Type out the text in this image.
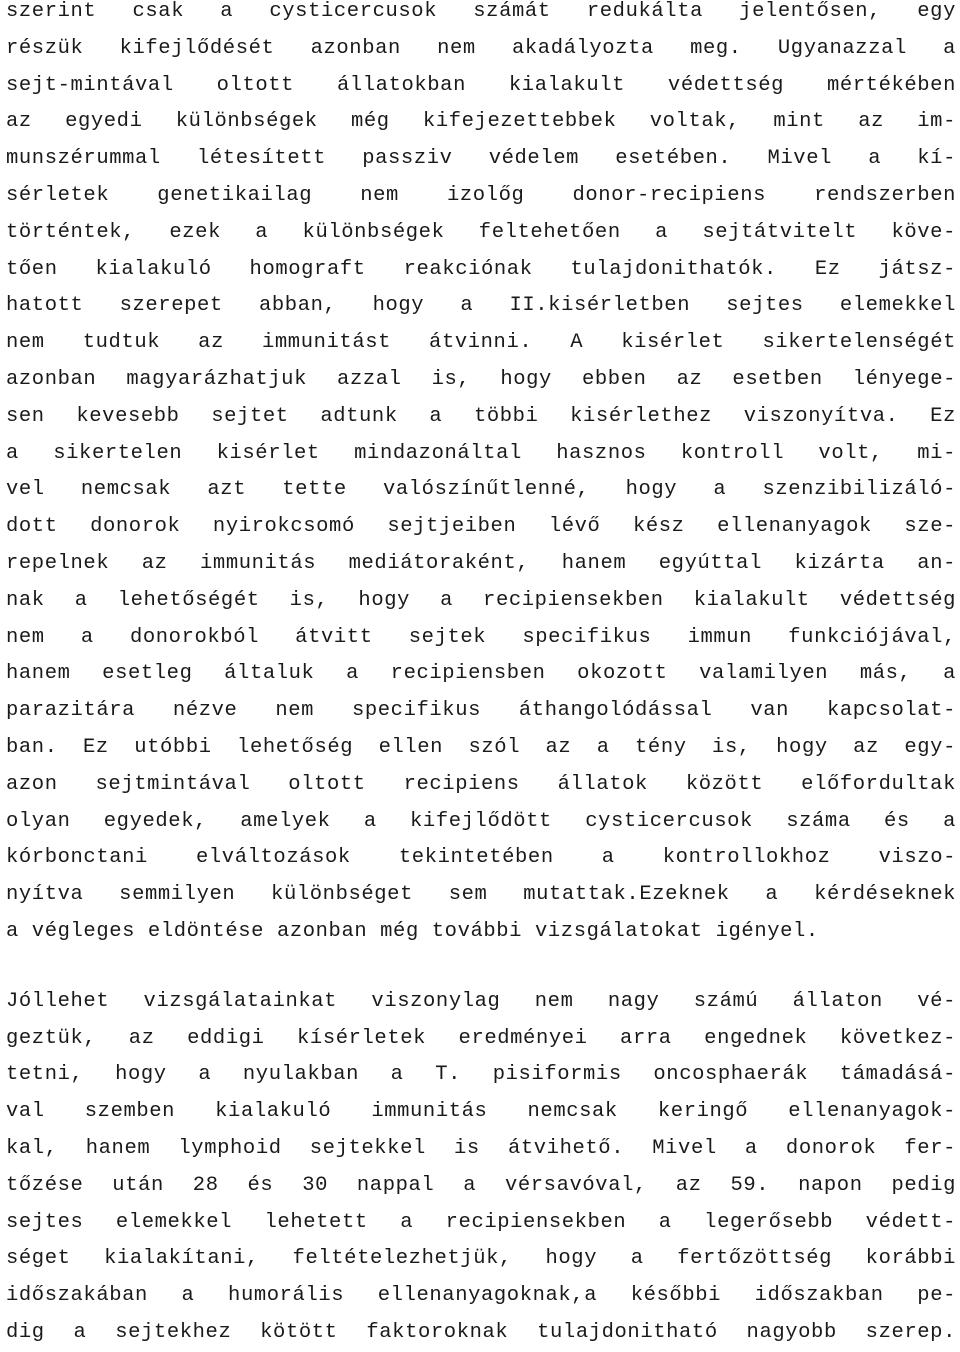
szerint csak a cysticercusok számát redukálta jelentősen, egy
részük kifejlődését azonban nem akadályozta meg. Ugyanazzal a
sejt-mintával oltott állatokban kialakult védettség mértékében
az egyedi különbségek még kifejezettebbek voltak, mint az im-
munszérummal létesített passziv védelem esetében. Mivel a kí-
sérletek genetikailag nem izolőg donor-recipiens rendszerben
történtek, ezek a különbségek feltehetően a sejtátvitelt köve-
tően kialakuló homograft reakciónak tulajdonithatók. Ez játsz-
hatott szerepet abban, hogy a II.kisérletben sejtes elemekkel
nem tudtuk az immunitást átvinni. A kisérlet sikertelenségét
azonban magyarázhatjuk azzal is, hogy ebben az esetben lényege-
sen kevesebb sejtet adtunk a többi kisérlethez viszonyítva. Ez
a sikertelen kisérlet mindazonáltal hasznos kontroll volt, mi-
vel nemcsak azt tette valószínűtlenné, hogy a szenzibilizáló-
dott donorok nyirokcsomó sejtjeiben lévő kész ellenanyagok sze-
repelnek az immunitás mediátoraként, hanem egyúttal kizárta an-
nak a lehetőségét is, hogy a recipiensekben kialakult védettség
nem a donorokból átvitt sejtek specifikus immun funkciójával,
hanem esetleg általuk a recipiensben okozott valamilyen más, a
parazitára nézve nem specifikus áthangolódással van kapcsolat-
ban. Ez utóbbi lehetőség ellen szól az a tény is, hogy az egy-
azon sejtmintával oltott recipiens állatok között előfordultak
olyan egyedek, amelyek a kifejlődött cysticercusok száma és a
kórbonctani elváltozások tekintetében a kontrollokhoz viszo-
nyítva semmilyen különbséget sem mutattak.Ezeknek a kérdéseknek
a végleges eldöntése azonban még további vizsgálatokat igényel.
Jóllehet vizsgálatainkat viszonylag nem nagy számú állaton vé-
geztük, az eddigi kísérletek eredményei arra engednek következ-
tetni, hogy a nyulakban a T. pisiformis oncosphaerák támadásá-
val szemben kialakuló immunitás nemcsak keringő ellenanyagok-
kal, hanem lymphoid sejtekkel is átvihető. Mivel a donorok fer-
tőzése után 28 és 30 nappal a vérsavóval, az 59. napon pedig
sejtes elemekkel lehetett a recipiensekben a legerősebb védett-
séget kialakítani, feltételezhetjük, hogy a fertőzöttség korábbi
időszakában a humorális ellenanyagoknak,a későbbi időszakban pe-
dig a sejtekhez kötött faktoroknak tulajdonitható nagyobb szerep.
